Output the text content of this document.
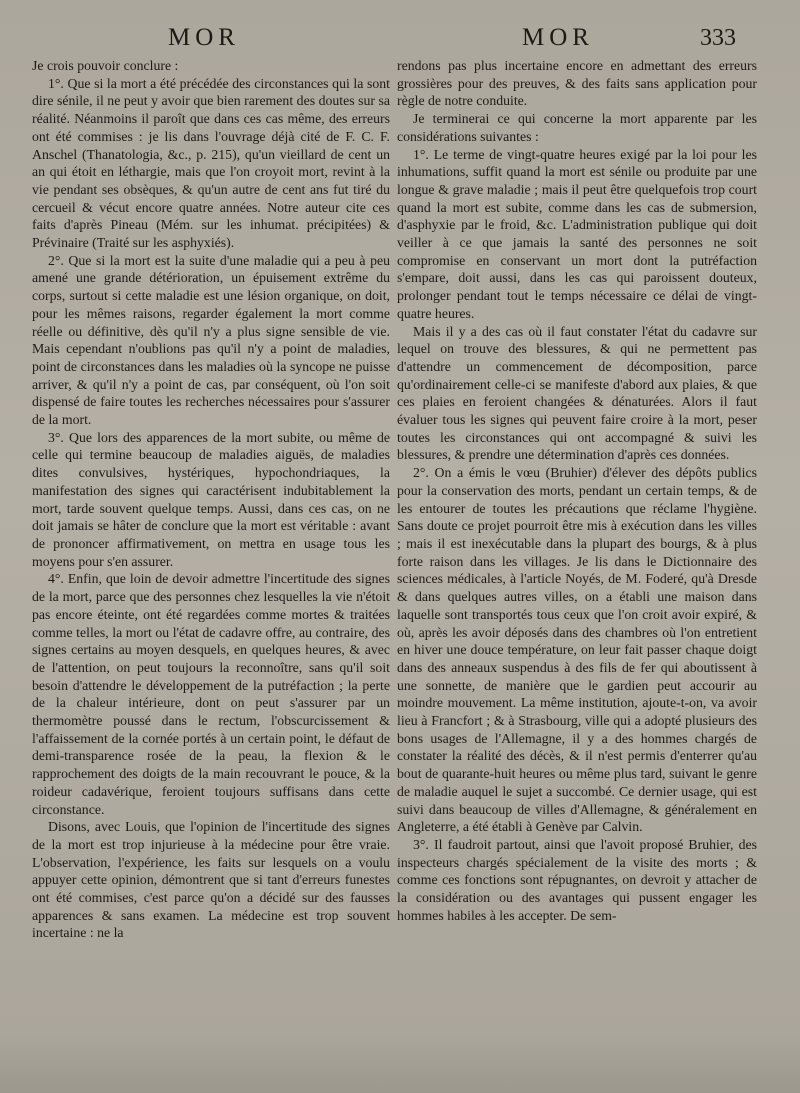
MOR	MOR	333

Je crois pouvoir conclure :

1°. Que si la mort a été précédée des circonstances qui la sont dire sénile, il ne peut y avoir que bien rarement des doutes sur sa réalité. Néanmoins il paroît que dans ces cas même, des erreurs ont été commises : je lis dans l'ouvrage déjà cité de F. C. F. Anschel (Thanatologia, &c., p. 215), qu'un vieillard de cent un an qui étoit en léthargie, mais que l'on croyoit mort, revint à la vie pendant ses obsèques, & qu'un autre de cent ans fut tiré du cercueil & vécut encore quatre années. Notre auteur cite ces faits d'après Pineau (Mém. sur les inhumat. précipitées) & Prévinaire (Traité sur les asphyxiés).

2°. Que si la mort est la suite d'une maladie qui a peu à peu amené une grande détérioration, un épuisement extrême du corps, surtout si cette maladie est une lésion organique, on doit, pour les mêmes raisons, regarder également la mort comme réelle ou définitive, dès qu'il n'y a plus signe sensible de vie. Mais cependant n'oublions pas qu'il n'y a point de maladies, point de circonstances dans les maladies où la syncope ne puisse arriver, & qu'il n'y a point de cas, par conséquent, où l'on soit dispensé de faire toutes les recherches nécessaires pour s'assurer de la mort.

3°. Que lors des apparences de la mort subite, ou même de celle qui termine beaucoup de maladies aiguës, de maladies dites convulsives, hystériques, hypochondriaques, la manifestation des signes qui caractérisent indubitablement la mort, tarde souvent quelque temps. Aussi, dans ces cas, on ne doit jamais se hâter de conclure que la mort est véritable : avant de prononcer affirmativement, on mettra en usage tous les moyens pour s'en assurer.

4°. Enfin, que loin de devoir admettre l'incertitude des signes de la mort, parce que des personnes chez lesquelles la vie n'étoit pas encore éteinte, ont été regardées comme mortes & traitées comme telles, la mort ou l'état de cadavre offre, au contraire, des signes certains au moyen desquels, en quelques heures, & avec de l'attention, on peut toujours la reconnoître, sans qu'il soit besoin d'attendre le développement de la putréfaction ; la perte de la chaleur intérieure, dont on peut s'assurer par un thermomètre poussé dans le rectum, l'obscurcissement & l'affaissement de la cornée portés à un certain point, le défaut de demi-transparence rosée de la peau, la flexion & le rapprochement des doigts de la main recouvrant le pouce, & la roideur cadavérique, feroient toujours suffisans dans cette circonstance.

Disons, avec Louis, que l'opinion de l'incertitude des signes de la mort est trop injurieuse à la médecine pour être vraie. L'observation, l'expérience, les faits sur lesquels on a voulu appuyer cette opinion, démontrent que si tant d'erreurs funestes ont été commises, c'est parce qu'on a décidé sur des fausses apparences & sans examen. La médecine est trop souvent incertaine : ne la

rendons pas plus incertaine encore en admettant des erreurs grossières pour des preuves, & des faits sans application pour règle de notre conduite.

Je terminerai ce qui concerne la mort apparente par les considérations suivantes :

1°. Le terme de vingt-quatre heures exigé par la loi pour les inhumations, suffit quand la mort est sénile ou produite par une longue & grave maladie ; mais il peut être quelquefois trop court quand la mort est subite, comme dans les cas de submersion, d'asphyxie par le froid, &c. L'administration publique qui doit veiller à ce que jamais la santé des personnes ne soit compromise en conservant un mort dont la putréfaction s'empare, doit aussi, dans les cas qui paroissent douteux, prolonger pendant tout le temps nécessaire ce délai de vingt-quatre heures.

Mais il y a des cas où il faut constater l'état du cadavre sur lequel on trouve des blessures, & qui ne permettent pas d'attendre un commencement de décomposition, parce qu'ordinairement celle-ci se manifeste d'abord aux plaies, & que ces plaies en feroient changées & dénaturées. Alors il faut évaluer tous les signes qui peuvent faire croire à la mort, peser toutes les circonstances qui ont accompagné & suivi les blessures, & prendre une détermination d'après ces données.

2°. On a émis le vœu (Bruhier) d'élever des dépôts publics pour la conservation des morts, pendant un certain temps, & de les entourer de toutes les précautions que réclame l'hygiène. Sans doute ce projet pourroit être mis à exécution dans les villes ; mais il est inexécutable dans la plupart des bourgs, & à plus forte raison dans les villages. Je lis dans le Dictionnaire des sciences médicales, à l'article Noyés, de M. Foderé, qu'à Dresde & dans quelques autres villes, on a établi une maison dans laquelle sont transportés tous ceux que l'on croit avoir expiré, & où, après les avoir déposés dans des chambres où l'on entretient en hiver une douce température, on leur fait passer chaque doigt dans des anneaux suspendus à des fils de fer qui aboutissent à une sonnette, de manière que le gardien peut accourir au moindre mouvement. La même institution, ajoute-t-on, va avoir lieu à Francfort ; & à Strasbourg, ville qui a adopté plusieurs des bons usages de l'Allemagne, il y a des hommes chargés de constater la réalité des décès, & il n'est permis d'enterrer qu'au bout de quarante-huit heures ou même plus tard, suivant le genre de maladie auquel le sujet a succombé. Ce dernier usage, qui est suivi dans beaucoup de villes d'Allemagne, & généralement en Angleterre, a été établi à Genève par Calvin.

3°. Il faudroit partout, ainsi que l'avoit proposé Bruhier, des inspecteurs chargés spécialement de la visite des morts ; & comme ces fonctions sont répugnantes, on devroit y attacher de la considération ou des avantages qui pussent engager les hommes habiles à les accepter. De sem-
